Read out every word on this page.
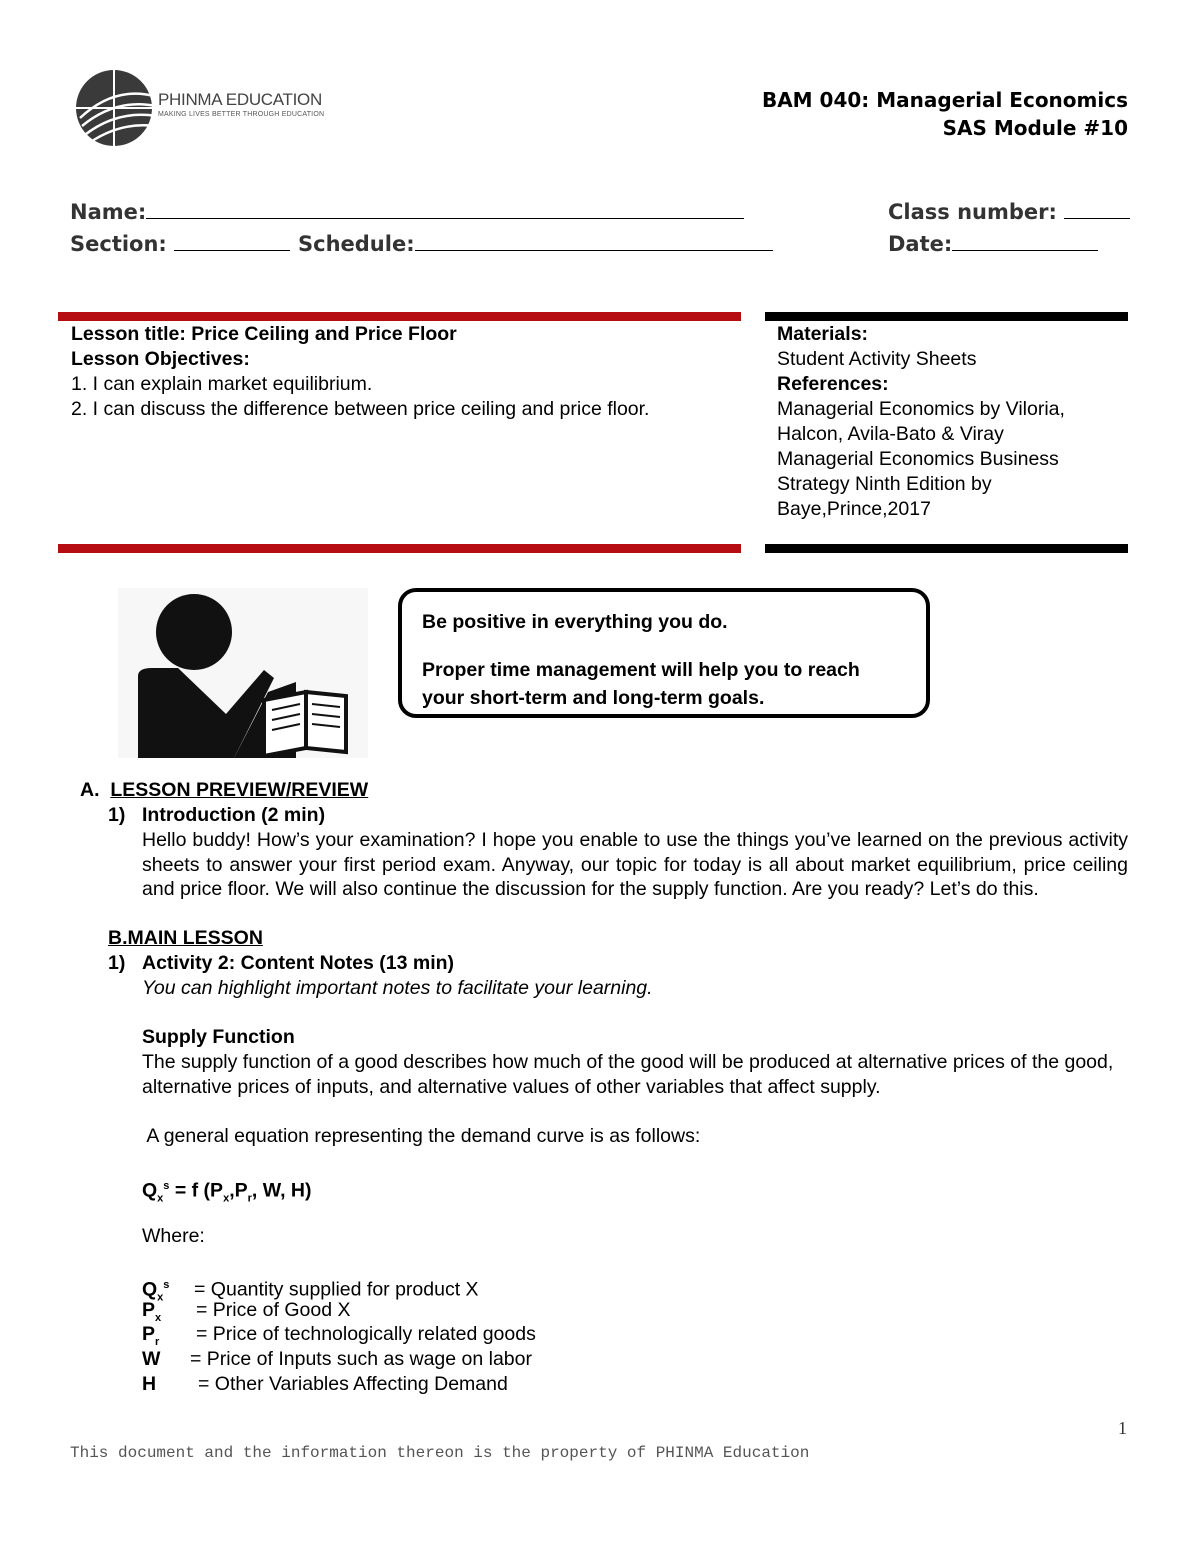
PHINMA EDUCATION
MAKING LIVES BETTER THROUGH EDUCATION
BAM 040: Managerial Economics
SAS Module #10
Name:	Class number:
Section:	Schedule:	Date:
Lesson title: Price Ceiling and Price Floor
Lesson Objectives:
1. I can explain market equilibrium.
2. I can discuss the difference between price ceiling and price floor.
Materials:
Student Activity Sheets
References:
Managerial Economics by Viloria,
Halcon, Avila-Bato & Viray
Managerial Economics Business
Strategy Ninth Edition by
Baye,Prince,2017
Be positive in everything you do.
Proper time management will help you to reach your short-term and long-term goals.
A. LESSON PREVIEW/REVIEW
1) Introduction (2 min)
Hello buddy! How’s your examination? I hope you enable to use the things you’ve learned on the previous activity sheets to answer your first period exam. Anyway, our topic for today is all about market equilibrium, price ceiling and price floor. We will also continue the discussion for the supply function. Are you ready? Let’s do this.
B.MAIN LESSON
1) Activity 2: Content Notes (13 min)
You can highlight important notes to facilitate your learning.
Supply Function
The supply function of a good describes how much of the good will be produced at alternative prices of the good, alternative prices of inputs, and alternative values of other variables that affect supply.
A general equation representing the demand curve is as follows:
$Q_x^s = f$ ($P_x,P_r$, W, H)
Where:
$Q_x^s$ = Quantity supplied for product X
$P_x$ = Price of Good X
$P_r$ = Price of technologically related goods
W = Price of Inputs such as wage on labor
H = Other Variables Affecting Demand
1
This document and the information thereon is the property of PHINMA Education
